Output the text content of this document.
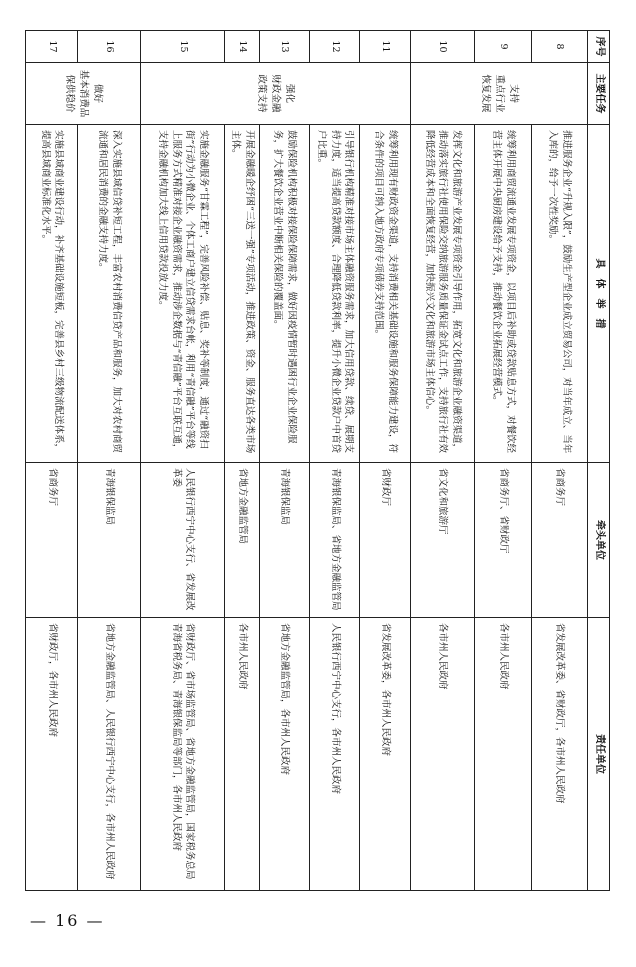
序号	主要任务	具　体　举　措	牵头单位	责任单位
8	支持
重点行业
恢复发展	推进服务企业“升规入限”，鼓励生产型企业成立贸易公司，对当年成立、当年入库的，给予一次性奖励。	省商务厅	省发展改革委、省财政厅，各市州人民政府
9		统筹利用商贸流通业发展专项资金，以项目后补助或贷款贴息方式，对餐饮经营主体开展中央厨房建设给予支持，推动餐饮企业拓展经营模式。	省商务厅、省财政厅	各市州人民政府
10		发挥文化和旅游产业发展专项资金引导作用，拓宽文化和旅游企业融资渠道，推动落实旅行社使用保险交纳旅游服务质量保证金试点工作，支持旅行社有效降低经营成本和全面恢复经营，加快振兴文化和旅游市场主体信心。	省文化和旅游厅	各市州人民政府
11	强化
财政金融
政策支持	统筹利用现有财政资金渠道，支持消费相关基础设施和服务保障能力建设，符合条件的项目可纳入地方政府专项债券支持范围。	省财政厅	省发展改革委，各市州人民政府
12		引导银行机构精准对接市场主体融资服务需求，加大信用贷款、续贷、展期支持力度，适当提高贷款额度、合理降低贷款利率，提升小微企业贷款户中首贷户比重。	青海银保监局、省地方金融监管局	人民银行西宁中心支行，各市州人民政府
13		鼓励保险机构积极对接保险保障需求，做好因疫情暂时遇困行业企业保险服务，扩大餐饮企业营业中断相关保险的覆盖面。	青海银保监局	省地方金融监管局，各市州人民政府
14		开展金融暖企纾困“三送一强”专项活动，推进政策、资金、服务直达各类市场主体。	省地方金融监管局	各市州人民政府
15		实施金融服务“甘霖工程”，完善风险补偿、贴息、奖补等制度，通过“融资扫街”行动为小微企业、个体工商户建立信贷需求台帐，利用“青信融”平台等线上服务方式精准对接企业融资需求，推动涉企数据与“青信融”平台互联互通，支持金融机构加大线上信用贷款投放力度。	人民银行西宁中心支行、省发展改革委	省财政厅、省市场监管局、省地方金融监管局，国家税务总局青海省税务局、青海银保监局等部门，各市州人民政府
16	做好
基本消费品
保供稳价	深入实施县域信贷补短工程，丰富农村消费信贷产品和服务，加大对农村商贸流通和居民消费的金融支持力度。	青海银保监局	省地方金融监管局、人民银行西宁中心支行，各市州人民政府
17		实施县域商业建设行动，补齐基础设施短板，完善县乡村三级物流配送体系，提高县域商业标准化水平。	省商务厅	省财政厅，各市州人民政府
— 16 —
